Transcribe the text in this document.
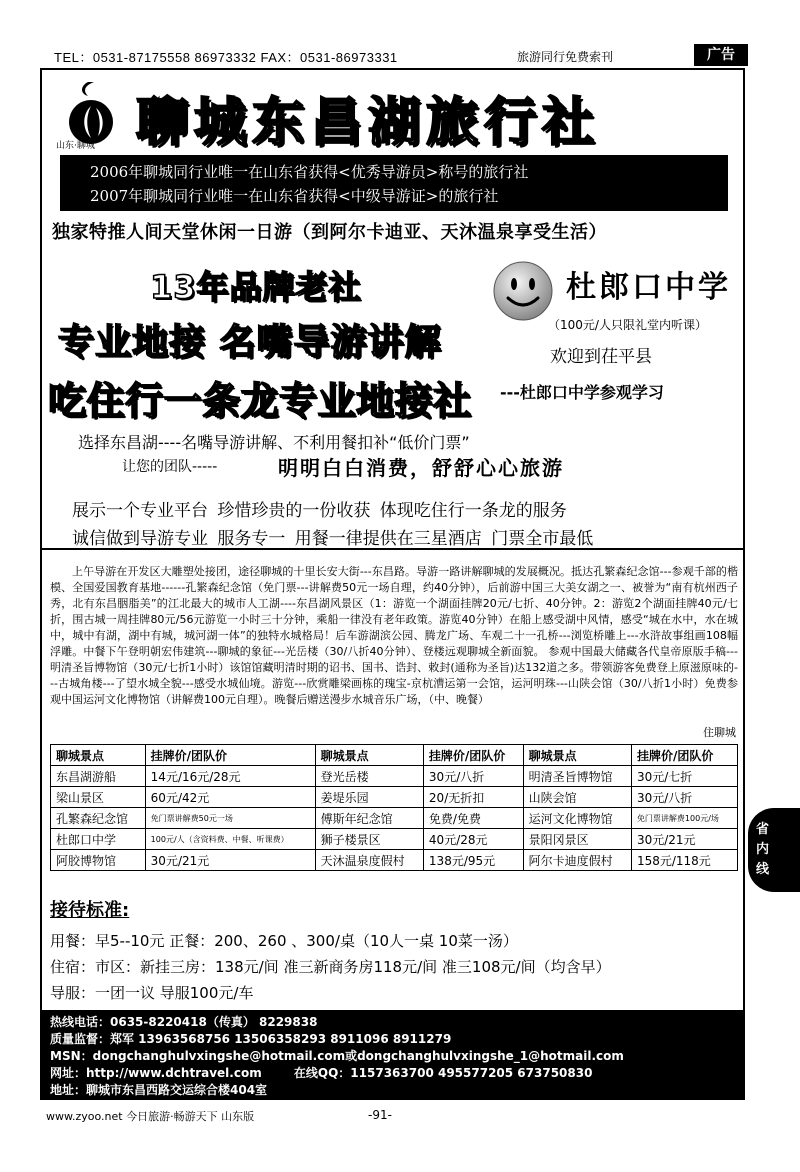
TEL：0531-87175558 86973332 FAX：0531-86973331	旅游同行免费索刊	广告
山东·聊城 聊城东昌湖旅行社
2006年聊城同行业唯一在山东省获得<优秀导游员>称号的旅行社
2007年聊城同行业唯一在山东省获得<中级导游证>的旅行社
独家特推人间天堂休闲一日游（到阿尔卡迪亚、天沐温泉享受生活）
13年品牌老社
专业地接 名嘴导游讲解
吃住行一条龙专业地接社
杜郎口中学
（100元/人只限礼堂内听课）
欢迎到茌平县
---杜郎口中学参观学习
选择东昌湖----名嘴导游讲解、不利用餐扣补“低价门票”
让您的团队-----	明明白白消费，舒舒心心旅游
展示一个专业平台 珍惜珍贵的一份收获 体现吃住行一条龙的服务
诚信做到导游专业 服务专一 用餐一律提供在三星酒店 门票全市最低
上午导游在开发区大雕塑处接团，途径聊城的十里长安大街---东昌路。导游一路讲解聊城的发展概况。抵达孔繁森纪念馆---参观千部的楷模、全国爱国教育基地------孔繁森纪念馆（免门票---讲解费50元一场自理，约40分钟），后前游中国三大美女湖之一、被誉为“南有杭州西子秀，北有东昌胭脂美”的江北最大的城市人工湖----东昌湖风景区（1：游览一个湖面挂牌20元/七折、40分钟。2：游览2个湖面挂牌40元/七折，围古城一周挂牌80元/56元游览一小时三十分钟，乘船一律没有老年政策。游览40分钟）在船上感受湖中风情，感受“城在水中，水在城中，城中有湖，湖中有城，城河湖一体”的独特水城格局！后车游湖滨公园、腾龙广场、车观二十一孔桥---浏览桥雕上---水浒故事组画108幅浮雕。中餐下午登明朝宏伟建筑---聊城的象征---光岳楼（30/八折40分钟）、登楼远观聊城全新面貌。 参观中国最大储藏各代皇帝原版手稿---明清圣旨博物馆（30元/七折1小时）该馆馆藏明清时期的诏书、国书、诰封、敕封(通称为圣旨)达132道之多。带领游客免费登上原滋原味的---古城角楼---了望水城全貌---感受水城仙境。游览---欣赏雕梁画栋的瑰宝-京杭漕运第一会馆，运河明珠---山陕会馆（30/八折1小时）免费参观中国运河文化博物馆（讲解费100元自理）。晚餐后赠送漫步水城音乐广场，（中、晚餐）
住聊城
聊城景点	挂牌价/团队价	聊城景点	挂牌价/团队价	聊城景点	挂牌价/团队价
东昌湖游船	14元/16元/28元	登光岳楼	30元/八折	明清圣旨博物馆	30元/七折
梁山景区	60元/42元	姜堤乐园	20/无折扣	山陕会馆	30元/八折
孔繁森纪念馆	免门票讲解费50元一场	傅斯年纪念馆	免费/免费	运河文化博物馆	免门票讲解费100元/场
杜郎口中学	100元/人（含资料费、中餐、听课费）	狮子楼景区	40元/28元	景阳冈景区	30元/21元
阿胶博物馆	30元/21元	天沐温泉度假村	138元/95元	阿尔卡迪度假村	158元/118元
省
内
线
接待标准:
用餐：早5--10元 正餐：200、260 、300/桌（10人一桌 10菜一汤）
住宿：市区：新挂三房：138元/间 准三新商务房118元/间 准三108元/间（均含早）
导服：一团一议 导服100元/车
热线电话：0635-8220418（传真） 8229838
质量监督：郑军 13963568756 13506358293 8911096 8911279
MSN：dongchanghulvxingshe@hotmail.com或dongchanghulvxingshe_1@hotmail.com
网址：http://www.dchtravel.com	在线QQ：1157363700 495577205 673750830
地址：聊城市东昌西路交运综合楼404室
www.zyoo.net 今日旅游·畅游天下 山东版	-91-
